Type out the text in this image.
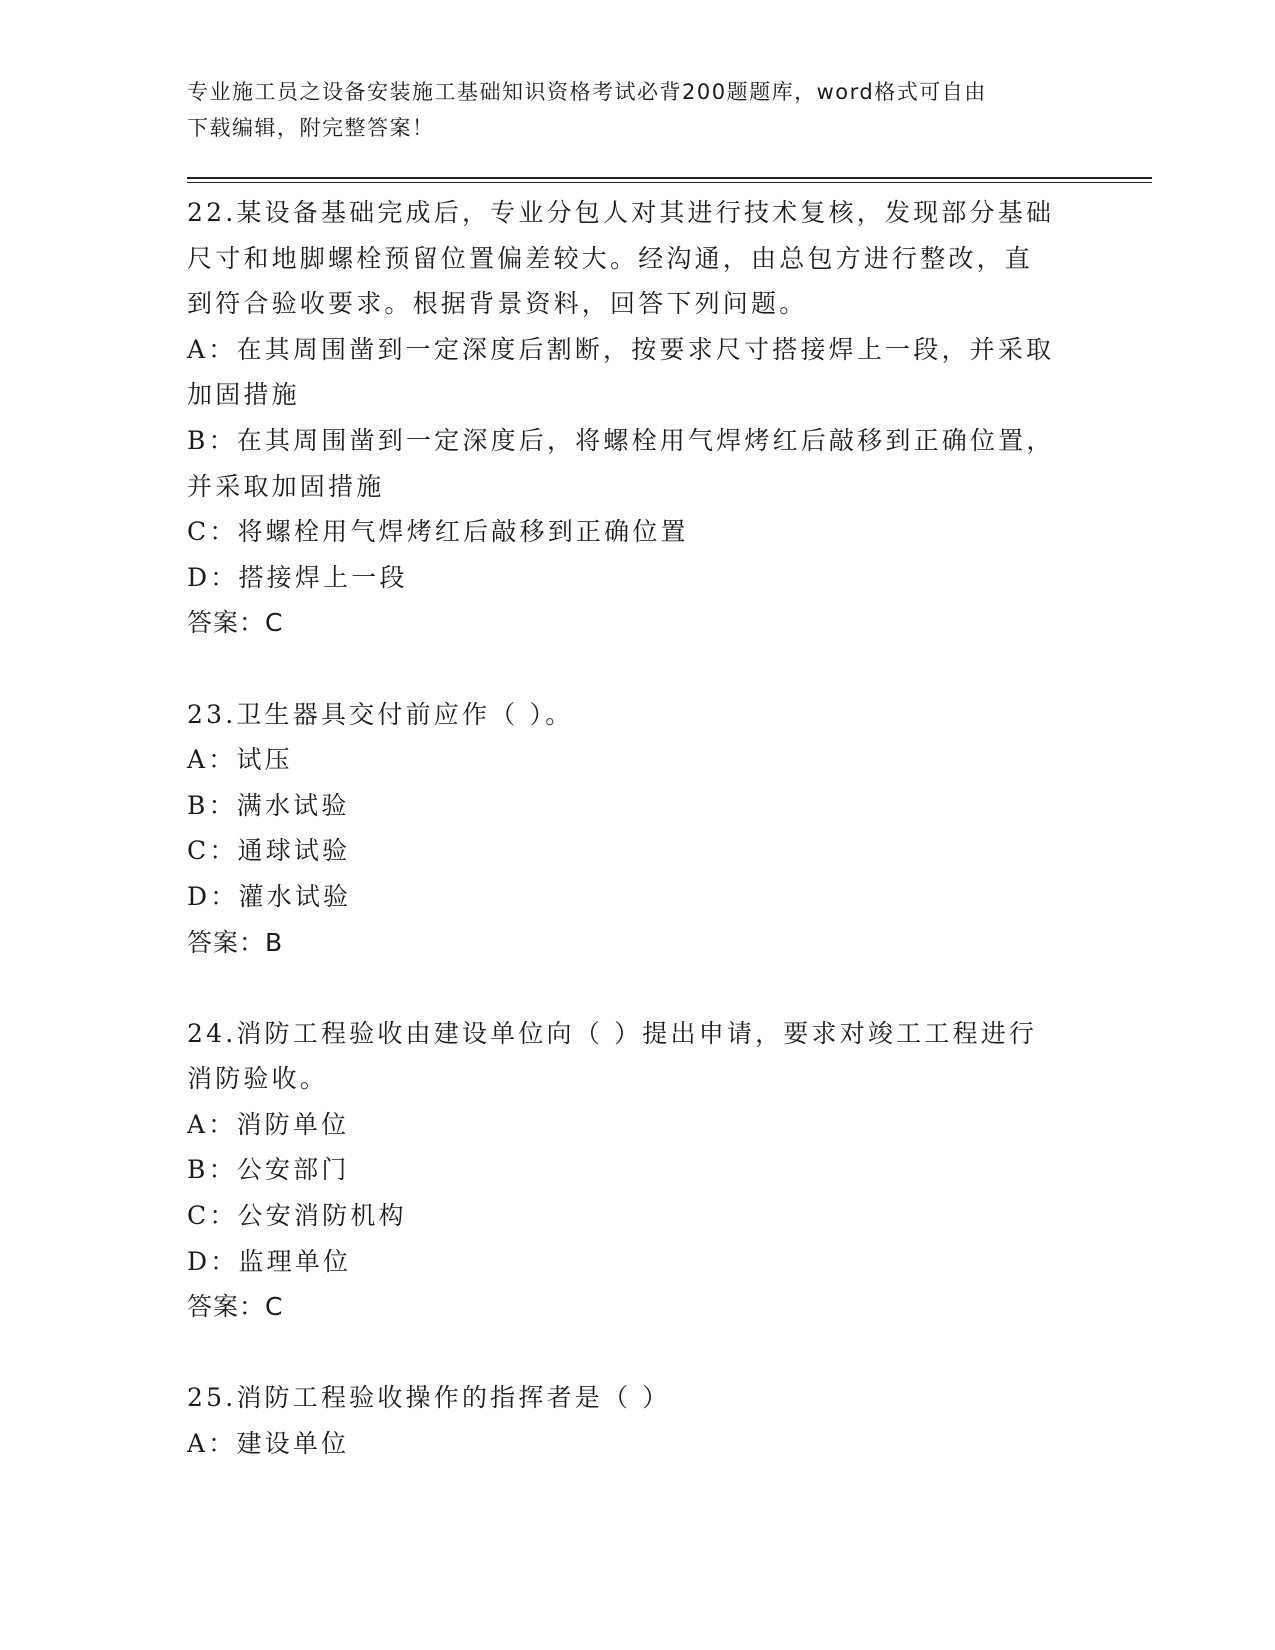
专业施工员之设备安装施工基础知识资格考试必背200题题库，word格式可自由
下载编辑，附完整答案！

22.某设备基础完成后，专业分包人对其进行技术复核，发现部分基础

尺寸和地脚螺栓预留位置偏差较大。经沟通，由总包方进行整改，直

到符合验收要求。根据背景资料，回答下列问题。

A：在其周围凿到一定深度后割断，按要求尺寸搭接焊上一段，并采取

加固措施

B：在其周围凿到一定深度后，将螺栓用气焊烤红后敲移到正确位置，

并采取加固措施

C：将螺栓用气焊烤红后敲移到正确位置

D：搭接焊上一段

答案：C

23.卫生器具交付前应作（ ）。

A：试压

B：满水试验

C：通球试验

D：灌水试验

答案：B

24.消防工程验收由建设单位向（ ）提出申请，要求对竣工工程进行

消防验收。

A：消防单位

B：公安部门

C：公安消防机构

D：监理单位

答案：C

25.消防工程验收操作的指挥者是（ ）

A：建设单位
